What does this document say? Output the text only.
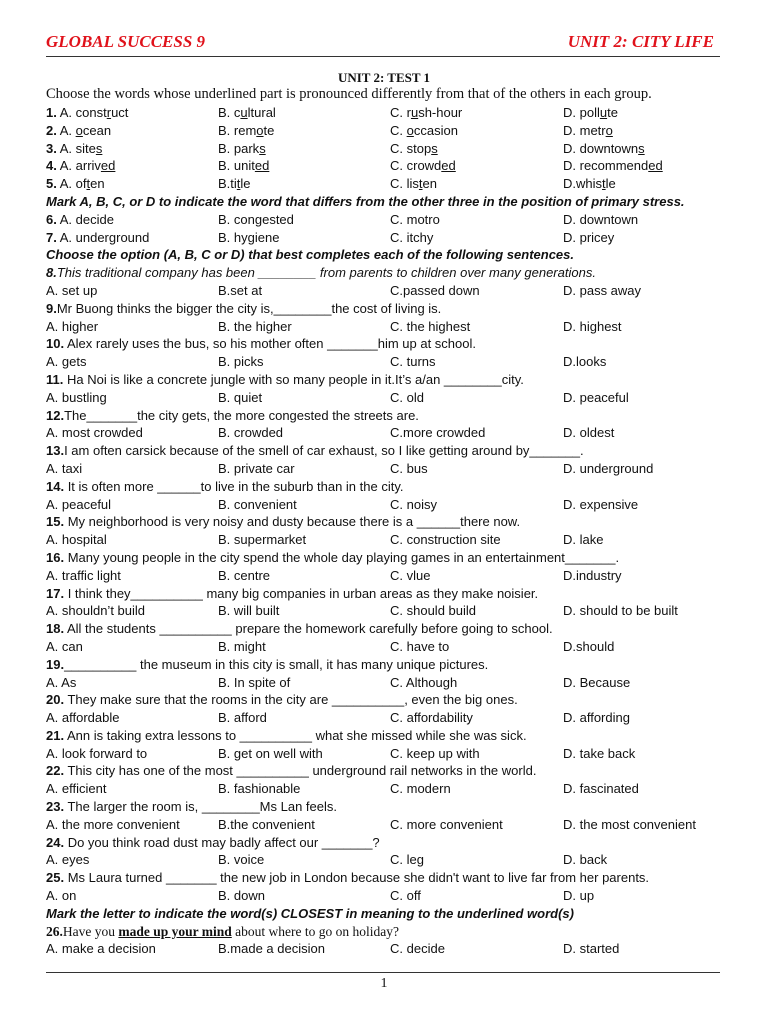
GLOBAL SUCCESS 9	UNIT 2: CITY LIFE
UNIT 2: TEST 1
Choose the words whose underlined part is pronounced differently from that of the others in each group.
1. A. construct	B. cultural	C. rush-hour	D. pollute
2. A. ocean	B. remote	C. occasion	D. metro
3. A. sites	B. parks	C. stops	D. downtowns
4. A. arrived	B. united	C. crowded	D. recommended
5. A. often	B.title	C. listen	D.whistle
Mark A, B, C, or D to indicate the word that differs from the other three in the position of primary stress.
6. A. decide	B. congested	C. motro	D. downtown
7. A. underground	B. hygiene	C. itchy	D. pricey
Choose the option (A, B, C or D) that best completes each of the following sentences.
8.This traditional company has been ________ from parents to children over many generations.
A. set up	B.set at	C.passed down	D. pass away
9.Mr Buong thinks the bigger the city is,________the cost of living is.
A. higher	B. the higher	C. the highest	D. highest
10. Alex rarely uses the bus, so his mother often _______him up at school.
A. gets	B. picks	C. turns	D.looks
11. Ha Noi is like a concrete jungle with so many people in it.It’s a/an ________city.
A. bustling	B. quiet	C. old	D. peaceful
12.The_______the city gets, the more congested the streets are.
A. most crowded	B. crowded	C.more crowded	D. oldest
13.I am often carsick because of the smell of car exhaust, so I like getting around by_______.
A. taxi	B. private car	C. bus	D. underground
14. It is often more ______to live in the suburb than in the city.
A. peaceful	B. convenient	C. noisy	D. expensive
15. My neighborhood is very noisy and dusty because there is a ______there now.
A. hospital	B. supermarket	C. construction site	D. lake
16. Many young people in the city spend the whole day playing games in an entertainment_______.
A. traffic light	B. centre	C. vlue	D.industry
17. I think they__________ many big companies in urban areas as they make noisier.
A. shouldn’t build	B. will built	C. should build	D. should to be built
18. All the students __________ prepare the homework carefully before going to school.
A. can	B. might	C. have to	D.should
19.__________ the museum in this city is small, it has many unique pictures.
A. As	B. In spite of	C. Although	D. Because
20. They make sure that the rooms in the city are __________, even the big ones.
A. affordable	B. afford	C. affordability	D. affording
21. Ann is taking extra lessons to __________ what she missed while she was sick.
A. look forward to	B. get on well with	C. keep up with	D. take back
22. This city has one of the most __________ underground rail networks in the world.
A. efficient	B. fashionable	C. modern	D. fascinated
23. The larger the room is, ________Ms Lan feels.
A. the more convenient	B.the convenient	C. more convenient	D. the most convenient
24. Do you think road dust may badly affect our _______?
A. eyes	B. voice	C. leg	D. back
25. Ms Laura turned _______ the new job in London because she didn't want to live far from her parents.
A. on	B. down	C. off	D. up
Mark the letter to indicate the word(s) CLOSEST in meaning to the underlined word(s)
26.Have you made up your mind about where to go on holiday?
A. make a decision	B.made a decision	C. decide	D. started
1
